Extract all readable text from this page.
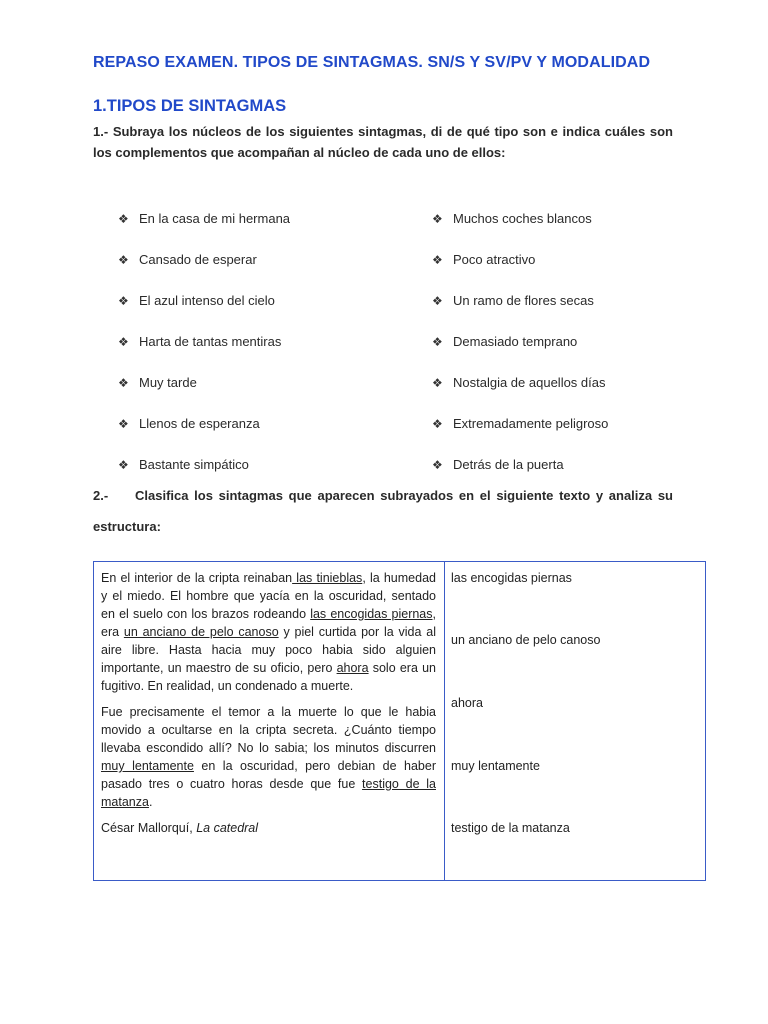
REPASO EXAMEN. TIPOS DE SINTAGMAS. SN/S Y SV/PV Y MODALIDAD
1.TIPOS DE SINTAGMAS
1.- Subraya los núcleos de los siguientes sintagmas, di de qué tipo son e indica cuáles son los complementos que acompañan al núcleo de cada uno de ellos:
❖ En la casa de mi hermana
❖ Cansado de esperar
❖ El azul intenso del cielo
❖ Harta de tantas mentiras
❖ Muy tarde
❖ Llenos de esperanza
❖ Bastante simpático
❖ Muchos coches blancos
❖ Poco atractivo
❖ Un ramo de flores secas
❖ Demasiado temprano
❖ Nostalgia de aquellos días
❖ Extremadamente peligroso
❖ Detrás de la puerta
2.-	Clasifica los sintagmas que aparecen subrayados en el siguiente texto y analiza su
estructura:

En el interior de la cripta reinaban las tinieblas, la humedad y el miedo. El hombre que yacía en la oscuridad, sentado en el suelo con los brazos rodeando las encogidas piernas, era un anciano de pelo canoso y piel curtida por la vida al aire libre. Hasta hacia muy poco habia sido alguien importante, un maestro de su oficio, pero ahora solo era un fugitivo. En realidad, un condenado a muerte.

Fue precisamente el temor a la muerte lo que le habia movido a ocultarse en la cripta secreta. ¿Cuánto tiempo llevaba escondido allí? No lo sabia; los minutos discurren muy lentamente en la oscuridad, pero debian de haber pasado tres o cuatro horas desde que fue testigo de la matanza.

César Mallorquí, La catedral

las encogidas piernas
un anciano de pelo canoso
ahora
muy lentamente
testigo de la matanza
